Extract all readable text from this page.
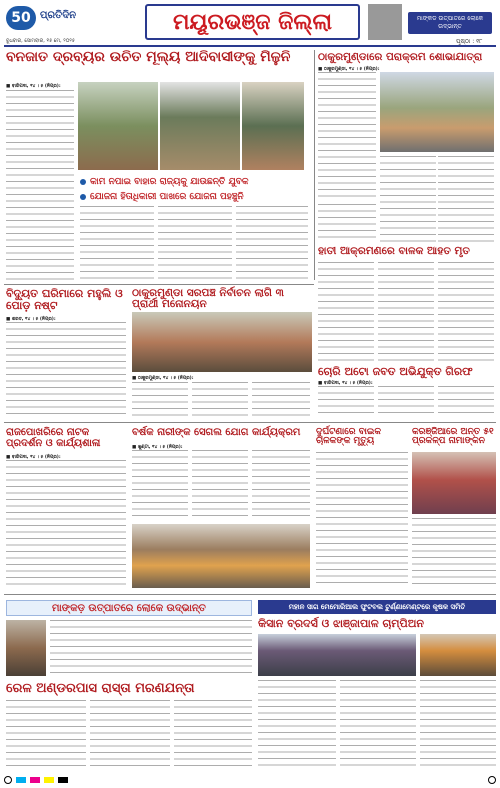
50 ପ୍ରତିଦିନ
ବୁଧବାର, ସୋମବାର, ୧୫ ମେ, ୨୦୨୫
ମୟୂରଭଞ୍ଜ ଜିଲ୍ଲା	ମାଙ୍କଡ ଉତ୍ପାତରେ ଲୋକେ ଉଦ୍ଭାନ୍ତ
ପୃଷ୍ଠା : ୧୮
ବନଜାତ ଦ୍ରବ୍ୟର ଉଚିତ ମୂଲ୍ୟ ଆଦିବାସୀଙ୍କୁ ମିଳୁନି
■ ବାରିପଦା, ୧୪ । ୫ (ନିପ୍ର):
କାମ ନପାଇ ବାହାର ରାଜ୍ୟକୁ ଯାଉଛନ୍ତି ଯୁବକ
ଯୋଜନା ହିତାଧିକାରୀ ପାଖରେ ଯୋଜନା ପହଞ୍ଚୁନି
ଠାକୁରମୁଣ୍ଡାରେ ପରାକ୍ରମ ଶୋଭାଯାତ୍ରା
■ ଠାକୁରମୁଣ୍ଡା, ୧୪ । ୫ (ନିପ୍ର):
ହାତୀ ଆକ୍ରମଣରେ ବାଳକ ଆହତ ମୃତ
ବିଦ୍ୟୁତ ଘରିମାରେ ମହୁଲି ଓ ପୋଡ଼ ନଷ୍ଟ
■ ଶରତ, ୧୪ । ୫ (ନିପ୍ର):
ଠାକୁରମୁଣ୍ଡା ସରପଞ୍ଚ ନିର୍ବାଚନ ଲାଗି ୩ ପ୍ରାର୍ଥୀ ମନୋନୟନ
■ ଠାକୁରମୁଣ୍ଡା, ୧୪ । ୫ (ନିପ୍ର):
ଚୋରି ଅଟୋ ଜବତ ଅଭିଯୁକ୍ତ ଗିରଫ
■ ବାରିପଦା, ୧୪ । ୫ (ନିପ୍ର):
ରାଜପୋଖରିରେ ନାଟକ ପ୍ରଦର୍ଶନ ଓ କାର୍ଯ୍ୟଶାଳା
■ ବାରିପଦା, ୧୪ । ୫ (ନିପ୍ର):
ବର୍ଷକ ନାରୀଙ୍କ ସେଗଲ ଯୋଗ କାର୍ଯ୍ୟକ୍ରମ
■ ଖୁଣ୍ଟା, ୧୪ । ୫ (ନିପ୍ର):
ଦୁର୍ଘଟଣାରେ ବାଇକ ଚାଳକଙ୍କ ମୃତ୍ୟୁ
କରଞ୍ଜିଆରେ ଅନ୍ତ ୫୧ ପ୍ରକଳ୍ପ ନାମାଙ୍କନ
ମାଙ୍କଡ଼ ଉତ୍ପାତରେ ଲୋକେ ଉଦ୍ଭାନ୍ତ	ମହାନ ସାଗ ମେମୋରିଆଲ ଫୁଟବଲ ଟୁର୍ଣ୍ଣାମେଣ୍ଟରେ କୃଷକ ସମିତି
କିସାନ ବ୍ରଦର୍ସ ଓ ଝାଞ୍ଜାପାଳ ଚାମ୍ପିଅନ
ରେଳ ଅଣ୍ଡରପାସ ରାସ୍ତା ମରଣଯନ୍ତା
